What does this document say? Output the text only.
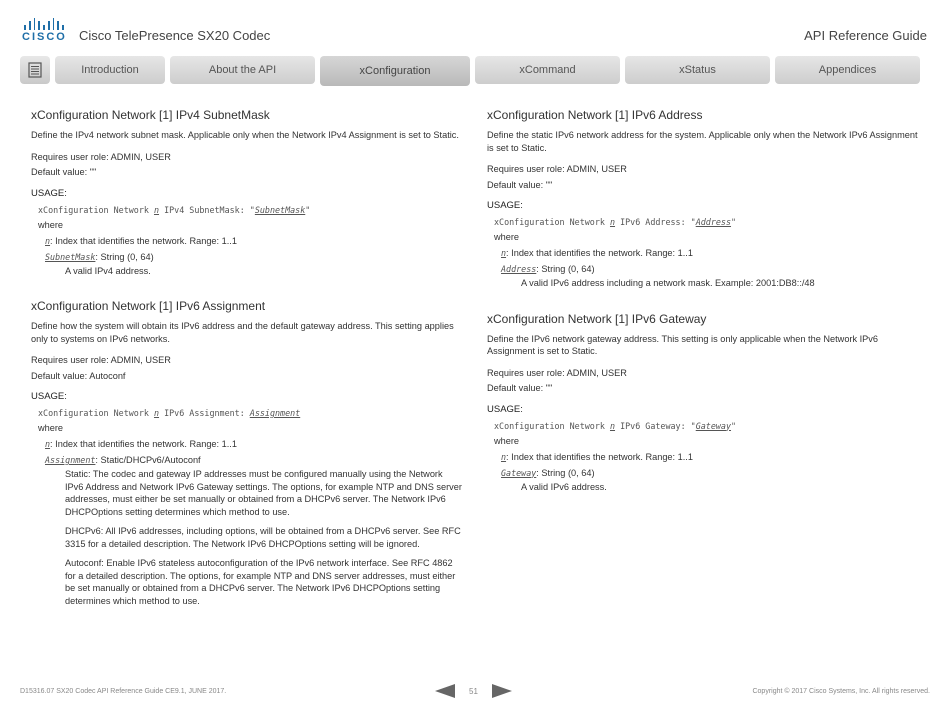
CISCO Cisco TelePresence SX20 Codec	API Reference Guide
Introduction	About the API	xConfiguration	xCommand	xStatus	Appendices
xConfiguration Network [1] IPv4 SubnetMask

Define the IPv4 network subnet mask. Applicable only when the Network IPv4 Assignment is set to Static.

Requires user role: ADMIN, USER

Default value: ""

USAGE:
xConfiguration Network n IPv4 SubnetMask: "SubnetMask"

where

n: Index that identifies the network. Range: 1..1

SubnetMask: String (0, 64)

A valid IPv4 address.

xConfiguration Network [1] IPv6 Assignment

Define how the system will obtain its IPv6 address and the default gateway address. This setting applies only to systems on IPv6 networks.

Requires user role: ADMIN, USER

Default value: Autoconf

USAGE:
xConfiguration Network n IPv6 Assignment: Assignment

where

n: Index that identifies the network. Range: 1..1

Assignment: Static/DHCPv6/Autoconf

Static: The codec and gateway IP addresses must be configured manually using the Network IPv6 Address and Network IPv6 Gateway settings. The options, for example NTP and DNS server addresses, must either be set manually or obtained from a DHCPv6 server. The Network IPv6 DHCPOptions setting determines which method to use.

DHCPv6: All IPv6 addresses, including options, will be obtained from a DHCPv6 server. See RFC 3315 for a detailed description. The Network IPv6 DHCPOptions setting will be ignored.

Autoconf: Enable IPv6 stateless autoconfiguration of the IPv6 network interface. See RFC 4862 for a detailed description. The options, for example NTP and DNS server addresses, must either be set manually or obtained from a DHCPv6 server. The Network IPv6 DHCPOptions setting determines which method to use.

xConfiguration Network [1] IPv6 Address

Define the static IPv6 network address for the system. Applicable only when the Network IPv6 Assignment is set to Static.

Requires user role: ADMIN, USER

Default value: ""

USAGE:
xConfiguration Network n IPv6 Address: "Address"

where

n: Index that identifies the network. Range: 1..1

Address: String (0, 64)

A valid IPv6 address including a network mask. Example: 2001:DB8::/48

xConfiguration Network [1] IPv6 Gateway

Define the IPv6 network gateway address. This setting is only applicable when the Network IPv6 Assignment is set to Static.

Requires user role: ADMIN, USER

Default value: ""

USAGE:
xConfiguration Network n IPv6 Gateway: "Gateway"

where

n: Index that identifies the network. Range: 1..1

Gateway: String (0, 64)

A valid IPv6 address.

D15316.07 SX20 Codec API Reference Guide CE9.1, JUNE 2017.	51	Copyright © 2017 Cisco Systems, Inc. All rights reserved.
